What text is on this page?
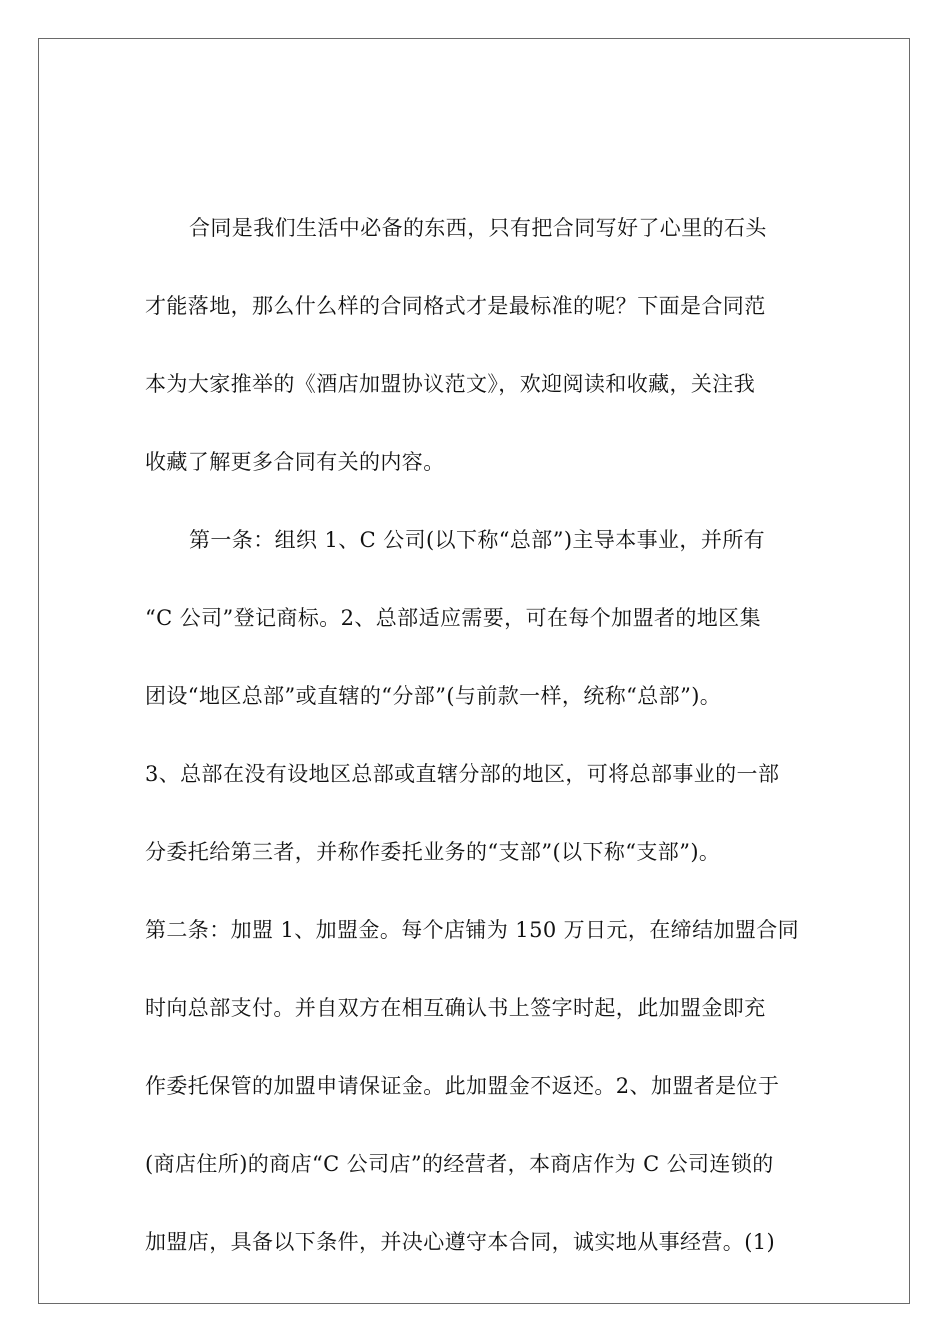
合同是我们生活中必备的东西，只有把合同写好了心里的石头
才能落地，那么什么样的合同格式才是最标准的呢？下面是合同范
本为大家推举的《酒店加盟协议范文》，欢迎阅读和收藏，关注我
收藏了解更多合同有关的内容。
第一条：组织 1、C 公司(以下称“总部”)主导本事业，并所有
“C 公司”登记商标。2、总部适应需要，可在每个加盟者的地区集
团设“地区总部”或直辖的“分部”(与前款一样，统称“总部”)。
3、总部在没有设地区总部或直辖分部的地区，可将总部事业的一部
分委托给第三者，并称作委托业务的“支部”(以下称“支部”)。
第二条：加盟 1、加盟金。每个店铺为 150 万日元，在缔结加盟合同
时向总部支付。并自双方在相互确认书上签字时起，此加盟金即充
作委托保管的加盟申请保证金。此加盟金不返还。2、加盟者是位于
(商店住所)的商店“C 公司店”的经营者，本商店作为 C 公司连锁的
加盟店，具备以下条件，并决心遵守本合同，诚实地从事经营。(1)
